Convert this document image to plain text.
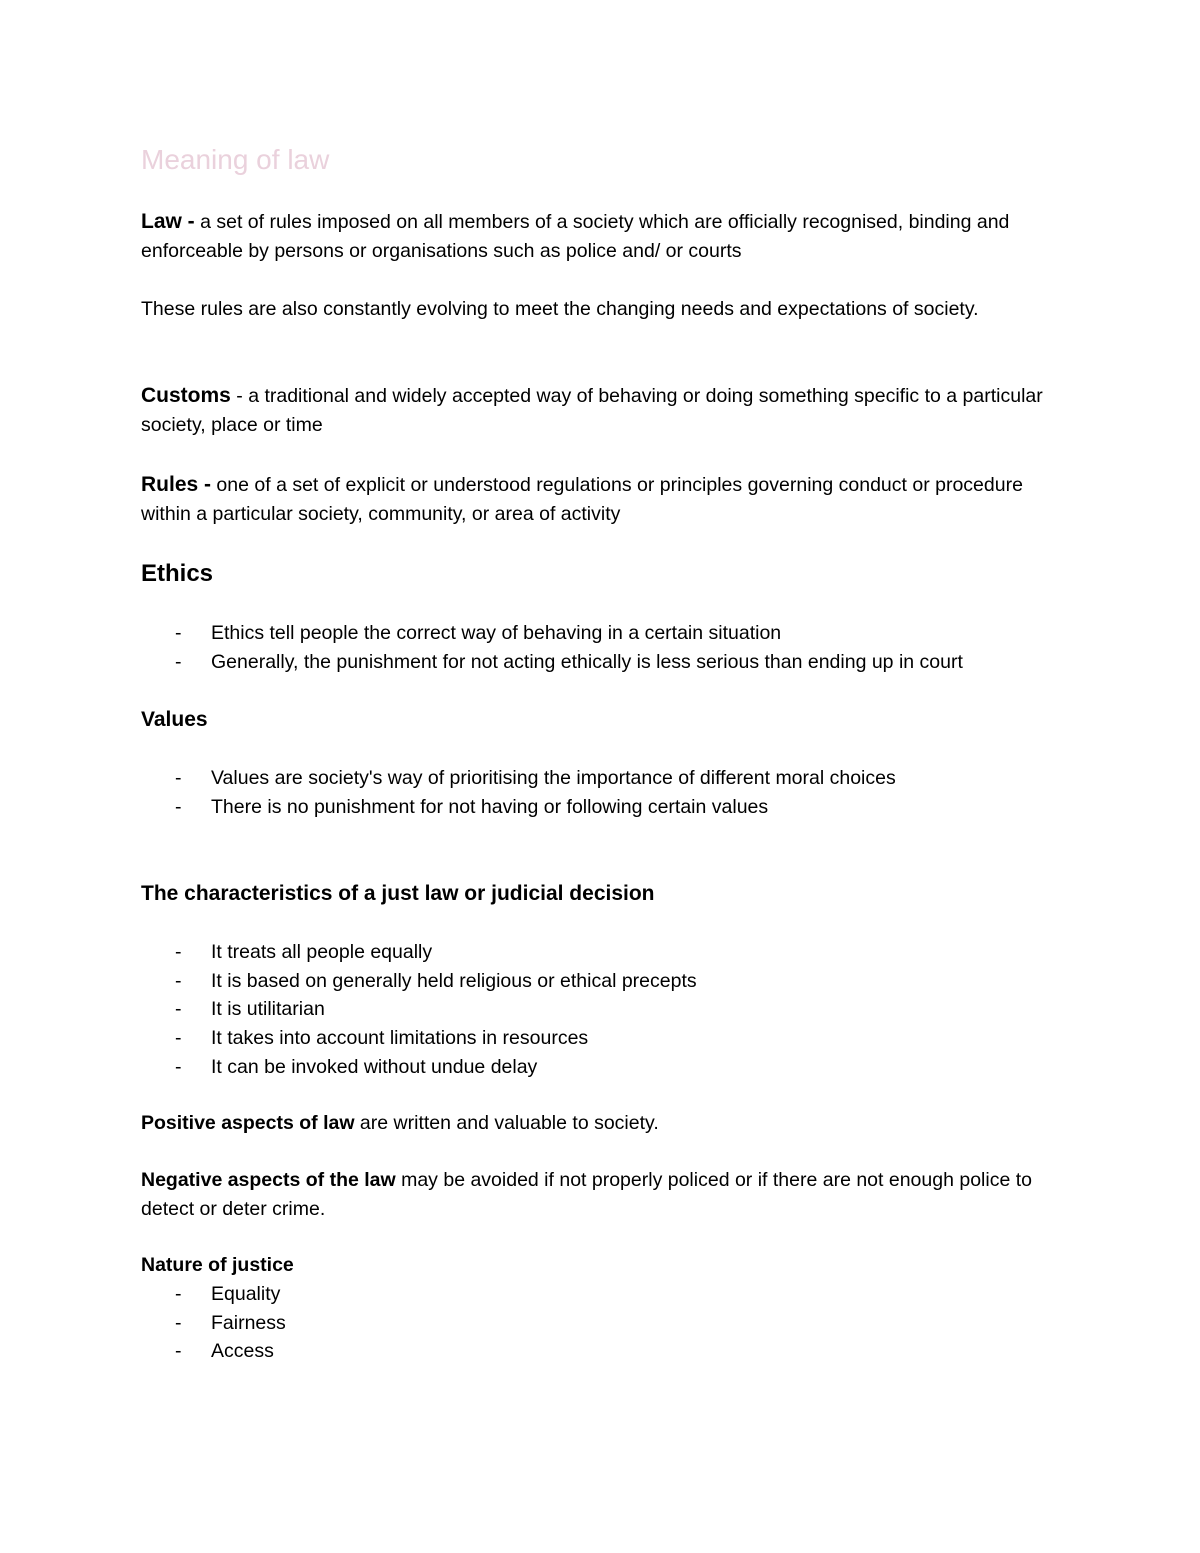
Meaning of law

Law - a set of rules imposed on all members of a society which are officially recognised, binding and enforceable by persons or organisations such as police and/ or courts

These rules are also constantly evolving to meet the changing needs and expectations of society.

Customs - a traditional and widely accepted way of behaving or doing something specific to a particular society, place or time

Rules - one of a set of explicit or understood regulations or principles governing conduct or procedure within a particular society, community, or area of activity

Ethics
- Ethics tell people the correct way of behaving in a certain situation
- Generally, the punishment for not acting ethically is less serious than ending up in court
Values
- Values are society's way of prioritising the importance of different moral choices
- There is no punishment for not having or following certain values
The characteristics of a just law or judicial decision
- It treats all people equally
- It is based on generally held religious or ethical precepts
- It is utilitarian
- It takes into account limitations in resources
- It can be invoked without undue delay

Positive aspects of law are written and valuable to society.

Negative aspects of the law may be avoided if not properly policed or if there are not enough police to detect or deter crime.

Nature of justice

- Equality
- Fairness
- Access
